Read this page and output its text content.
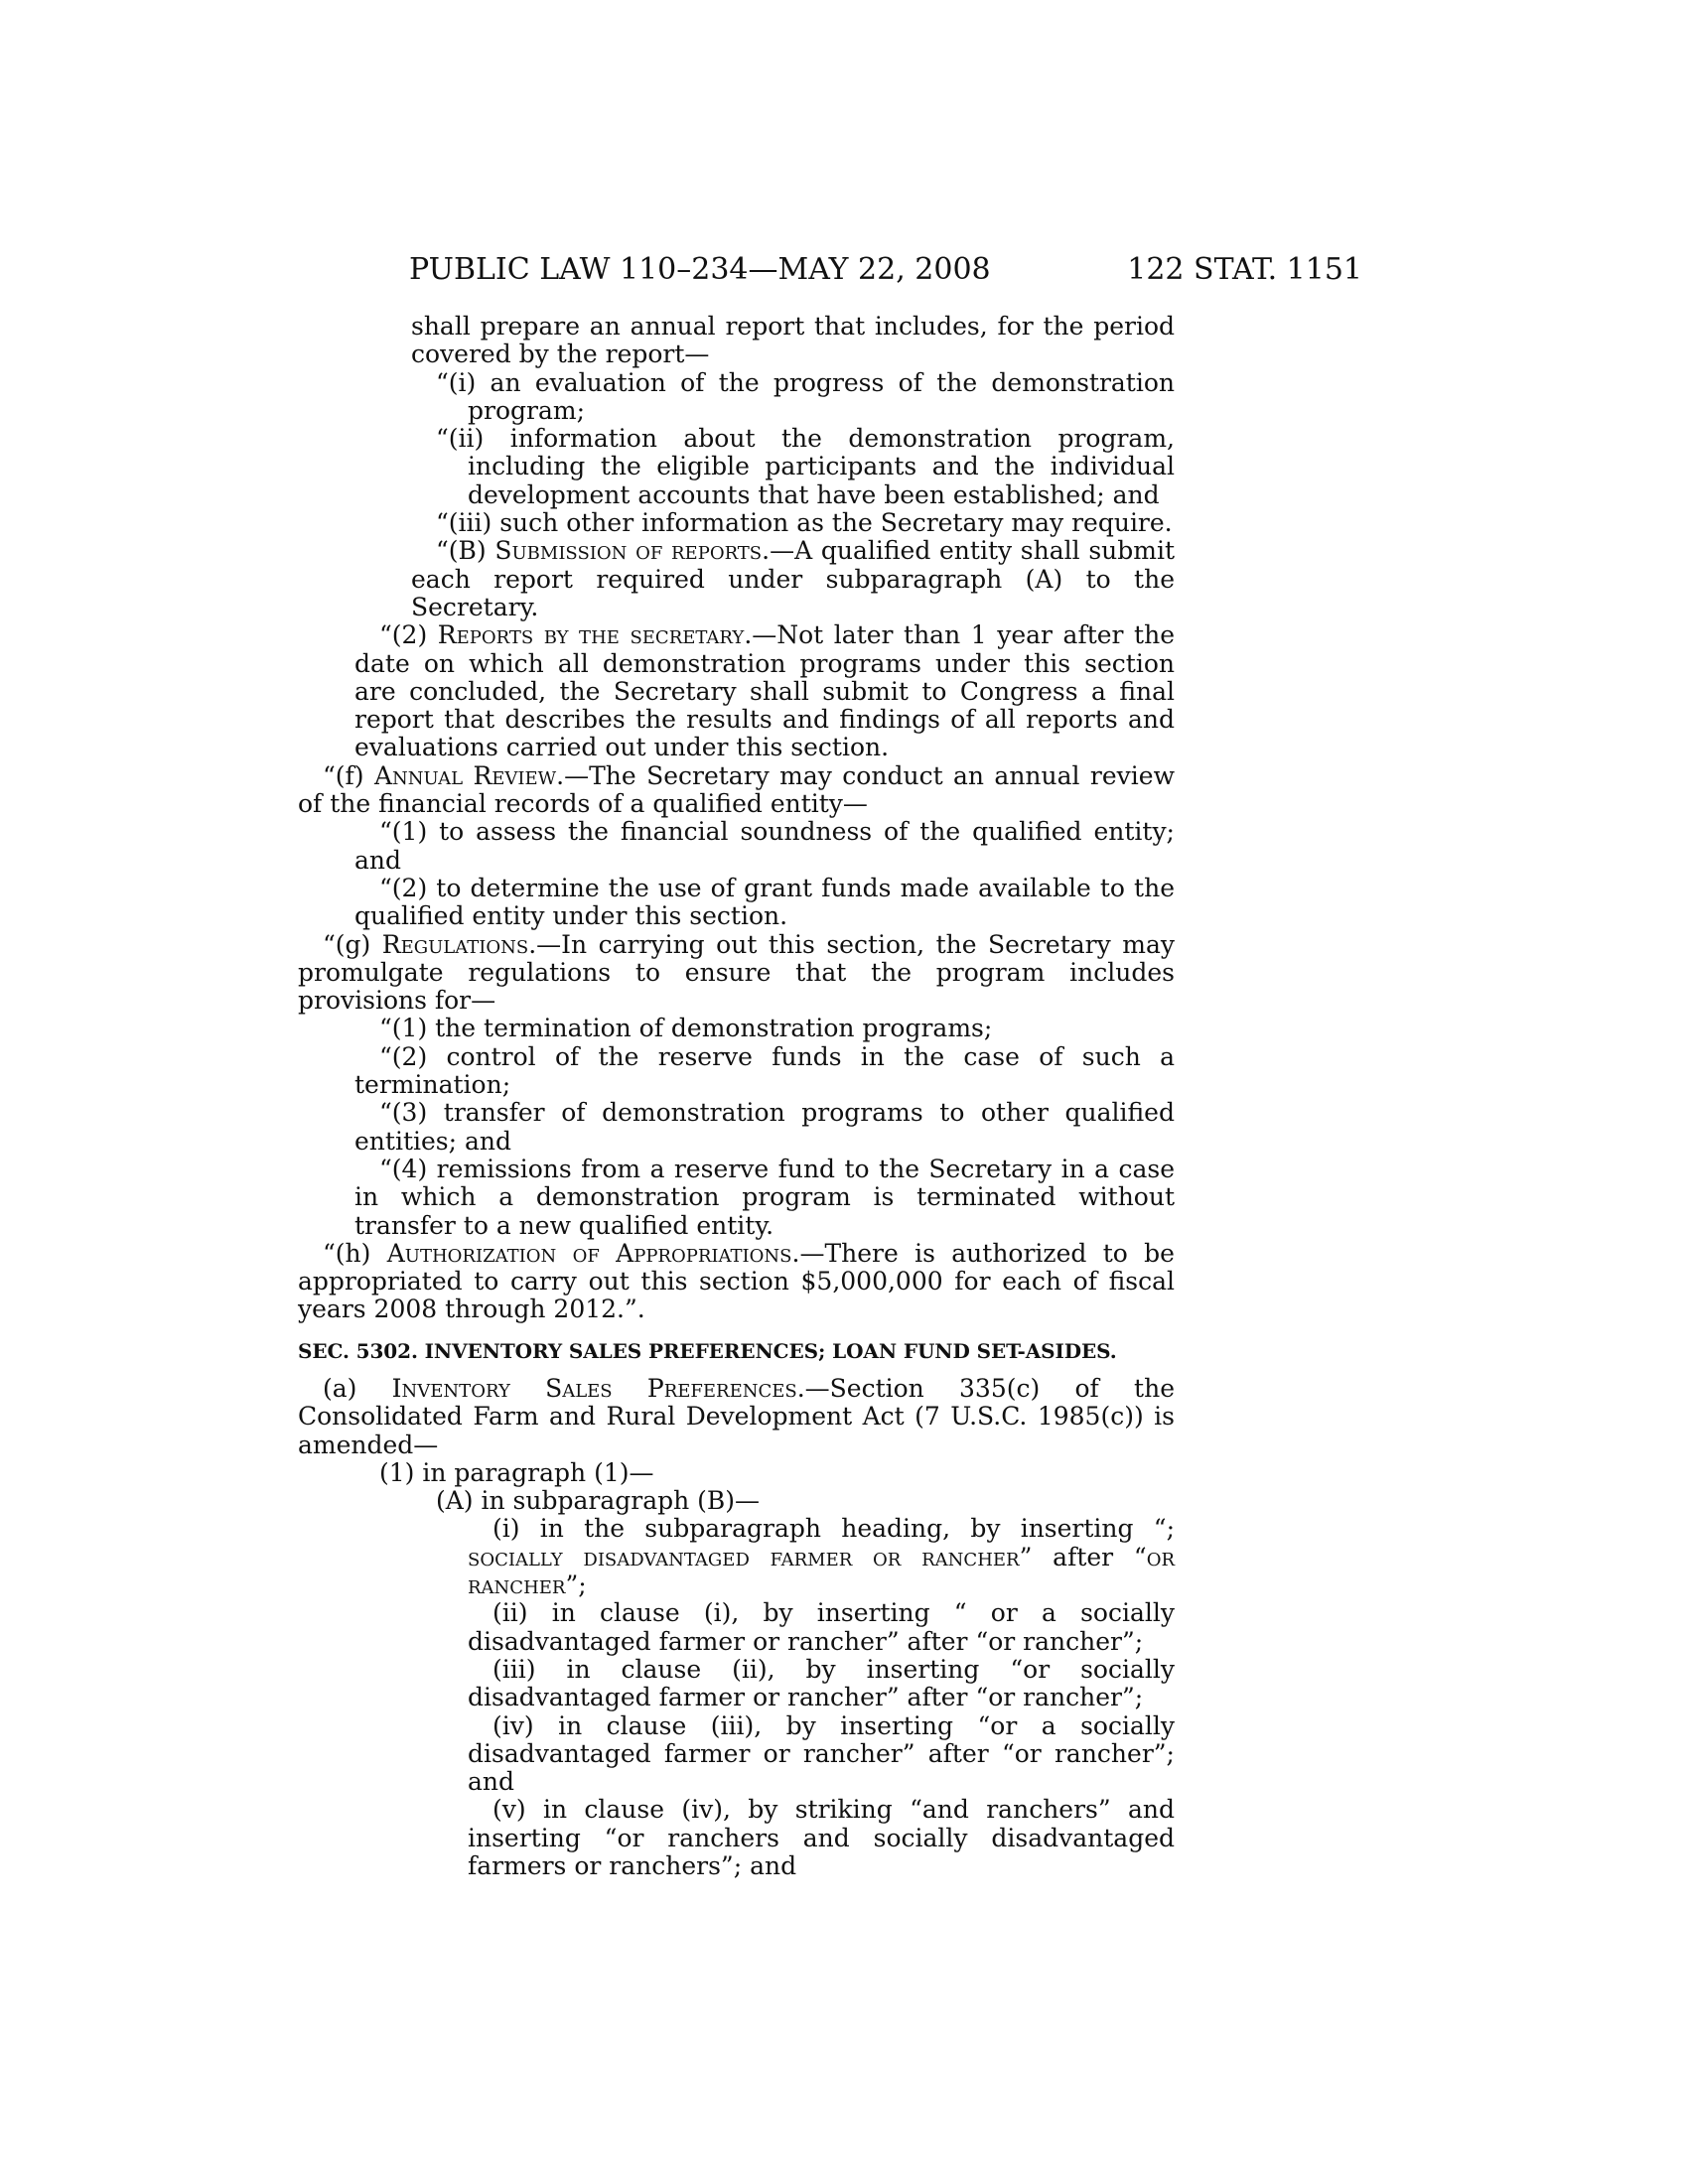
PUBLIC LAW 110–234—MAY 22, 2008	122 STAT. 1151

shall prepare an annual report that includes, for the period covered by the report—

“(i) an evaluation of the progress of the demonstration program;

“(ii) information about the demonstration program, including the eligible participants and the individual development accounts that have been established; and

“(iii) such other information as the Secretary may require.

“(B) Submission of reports.—A qualified entity shall submit each report required under subparagraph (A) to the Secretary.

“(2) Reports by the secretary.—Not later than 1 year after the date on which all demonstration programs under this section are concluded, the Secretary shall submit to Congress a final report that describes the results and findings of all reports and evaluations carried out under this section.

“(f) Annual Review.—The Secretary may conduct an annual review of the financial records of a qualified entity—

“(1) to assess the financial soundness of the qualified entity; and

“(2) to determine the use of grant funds made available to the qualified entity under this section.

“(g) Regulations.—In carrying out this section, the Secretary may promulgate regulations to ensure that the program includes provisions for—

“(1) the termination of demonstration programs;

“(2) control of the reserve funds in the case of such a termination;

“(3) transfer of demonstration programs to other qualified entities; and

“(4) remissions from a reserve fund to the Secretary in a case in which a demonstration program is terminated without transfer to a new qualified entity.

“(h) Authorization of Appropriations.—There is authorized to be appropriated to carry out this section $5,000,000 for each of fiscal years 2008 through 2012.”.

SEC. 5302. INVENTORY SALES PREFERENCES; LOAN FUND SET-ASIDES.

(a) Inventory Sales Preferences.—Section 335(c) of the Consolidated Farm and Rural Development Act (7 U.S.C. 1985(c)) is amended—

(1) in paragraph (1)—

(A) in subparagraph (B)—

(i) in the subparagraph heading, by inserting “; socially disadvantaged farmer or rancher” after “or rancher”;

(ii) in clause (i), by inserting “ or a socially disadvantaged farmer or rancher” after “or rancher”;

(iii) in clause (ii), by inserting “or socially disadvantaged farmer or rancher” after “or rancher”;

(iv) in clause (iii), by inserting “or a socially disadvantaged farmer or rancher” after “or rancher”; and

(v) in clause (iv), by striking “and ranchers” and inserting “or ranchers and socially disadvantaged farmers or ranchers”; and
